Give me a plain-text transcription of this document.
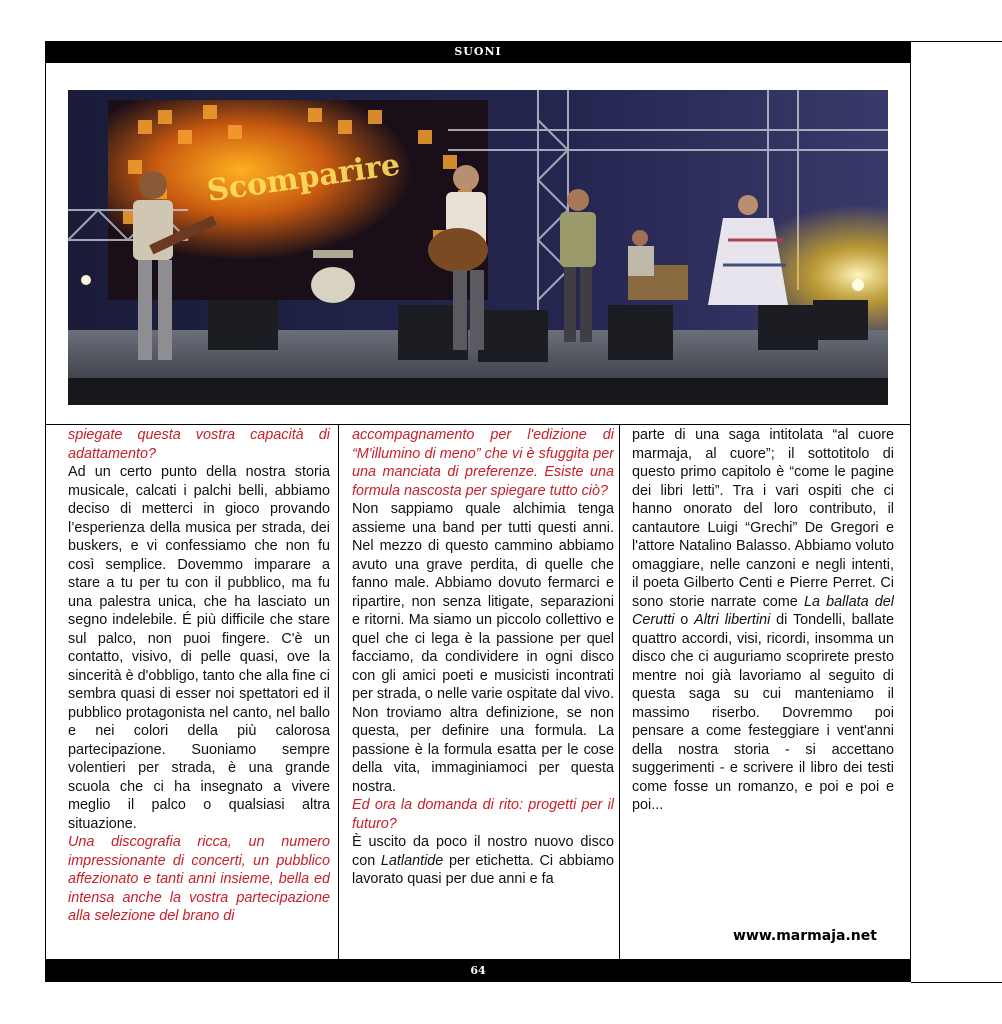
SUONI
Scomparire

spiegate questa vostra capacità di adattamento?

Ad un certo punto della nostra storia musicale, calcati i palchi belli, abbiamo deciso di metterci in gioco provando l’esperienza della musica per strada, dei buskers, e vi confessiamo che non fu così semplice. Dovemmo imparare a stare a tu per tu con il pubblico, ma fu una palestra unica, che ha lasciato un segno indelebile. É più difficile che stare sul palco, non puoi fingere. C'è un contatto, visivo, di pelle quasi, ove la sincerità è d'obbligo, tanto che alla fine ci sembra quasi di esser noi spettatori ed il pubblico protagonista nel canto, nel ballo e nei colori della più calorosa partecipazione. Suoniamo sempre volentieri per strada, è una grande scuola che ci ha insegnato a vivere meglio il palco o qualsiasi altra situazione.

Una discografia ricca, un numero impressionante di concerti, un pubblico affezionato e tanti anni insieme, bella ed intensa anche la vostra partecipazione alla selezione del brano di

accompagnamento per l'edizione di “M'illumino di meno” che vi è sfuggita per una manciata di preferenze. Esiste una formula nascosta per spiegare tutto ciò?

Non sappiamo quale alchimia tenga assieme una band per tutti questi anni. Nel mezzo di questo cammino abbiamo avuto una grave perdita, di quelle che fanno male. Abbiamo dovuto fermarci e ripartire, non senza litigate, separazioni e ritorni. Ma siamo un piccolo collettivo e quel che ci lega è la passione per quel facciamo, da condividere in ogni disco con gli amici poeti e musicisti incontrati per strada, o nelle varie ospitate dal vivo. Non troviamo altra definizione, se non questa, per definire una formula. La passione è la formula esatta per le cose della vita, immaginiamoci per questa nostra.

Ed ora la domanda di rito: progetti per il futuro?

È uscito da poco il nostro nuovo disco con Latlantide per etichetta. Ci abbiamo lavorato quasi per due anni e fa

parte di una saga intitolata “al cuore marmaja, al cuore”; il sottotitolo di questo primo capitolo è “come le pagine dei libri letti”. Tra i vari ospiti che ci hanno onorato del loro contributo, il cantautore Luigi “Grechi” De Gregori e l'attore Natalino Balasso. Abbiamo voluto omaggiare, nelle canzoni e negli intenti, il poeta Gilberto Centi e Pierre Perret. Ci sono storie narrate come La ballata del Cerutti o Altri libertini di Tondelli, ballate quattro accordi, visi, ricordi, insomma un disco che ci auguriamo scoprirete presto mentre noi già lavoriamo al seguito di questa saga su cui manteniamo il massimo riserbo. Dovremmo poi pensare a come festeggiare i vent'anni della nostra storia - si accettano suggerimenti - e scrivere il libro dei testi come fosse un romanzo, e poi e poi e poi...

www.marmaja.net
64
